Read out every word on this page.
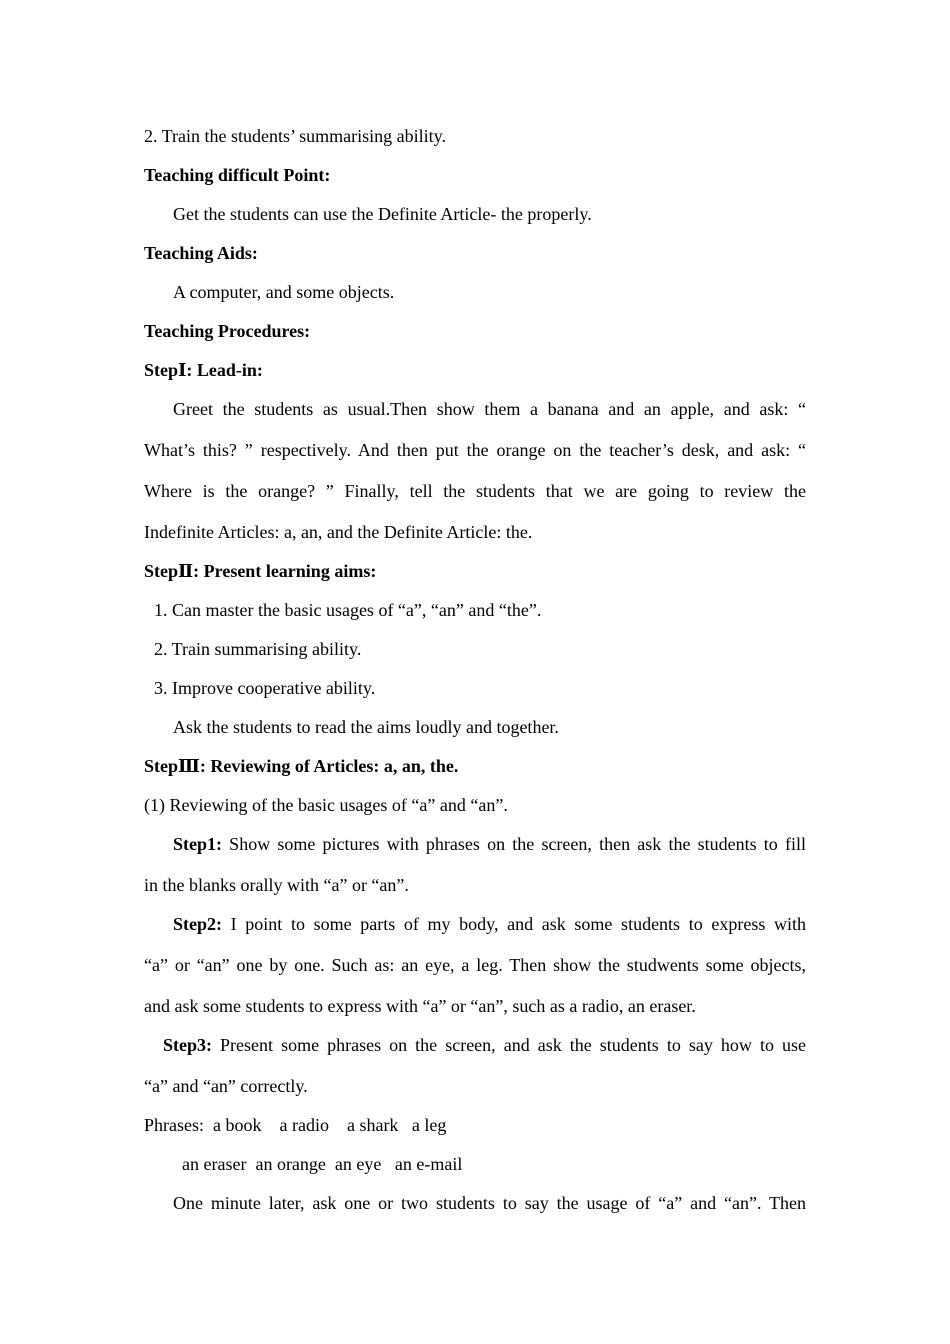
2. Train the students’ summarising ability.
Teaching difficult Point:
Get the students can use the Definite Article- the properly.
Teaching Aids:
A computer, and some objects.
Teaching Procedures:
StepⅠ: Lead-in:
Greet the students as usual.Then show them a banana and an apple, and ask: “
What’s this? ” respectively. And then put the orange on the teacher’s desk, and ask: “
Where is the orange? ” Finally, tell the students that we are going to review the
Indefinite Articles: a, an, and the Definite Article: the.
StepⅡ: Present learning aims:
1. Can master the basic usages of “a”, “an” and “the”.
2. Train summarising ability.
3. Improve cooperative ability.
Ask the students to read the aims loudly and together.
StepⅢ: Reviewing of Articles: a, an, the.
(1) Reviewing of the basic usages of “a” and “an”.
Step1: Show some pictures with phrases on the screen, then ask the students to fill
in the blanks orally with “a” or “an”.
Step2: I point to some parts of my body, and ask some students to express with
“a” or “an” one by one. Such as: an eye, a leg. Then show the studwents some objects,
and ask some students to express with “a” or “an”, such as a radio, an eraser.
Step3: Present some phrases on the screen, and ask the students to say how to use
“a” and “an” correctly.
Phrases:  a book    a radio    a shark   a leg
an eraser  an orange  an eye   an e-mail
One minute later, ask one or two students to say the usage of “a” and “an”. Then
